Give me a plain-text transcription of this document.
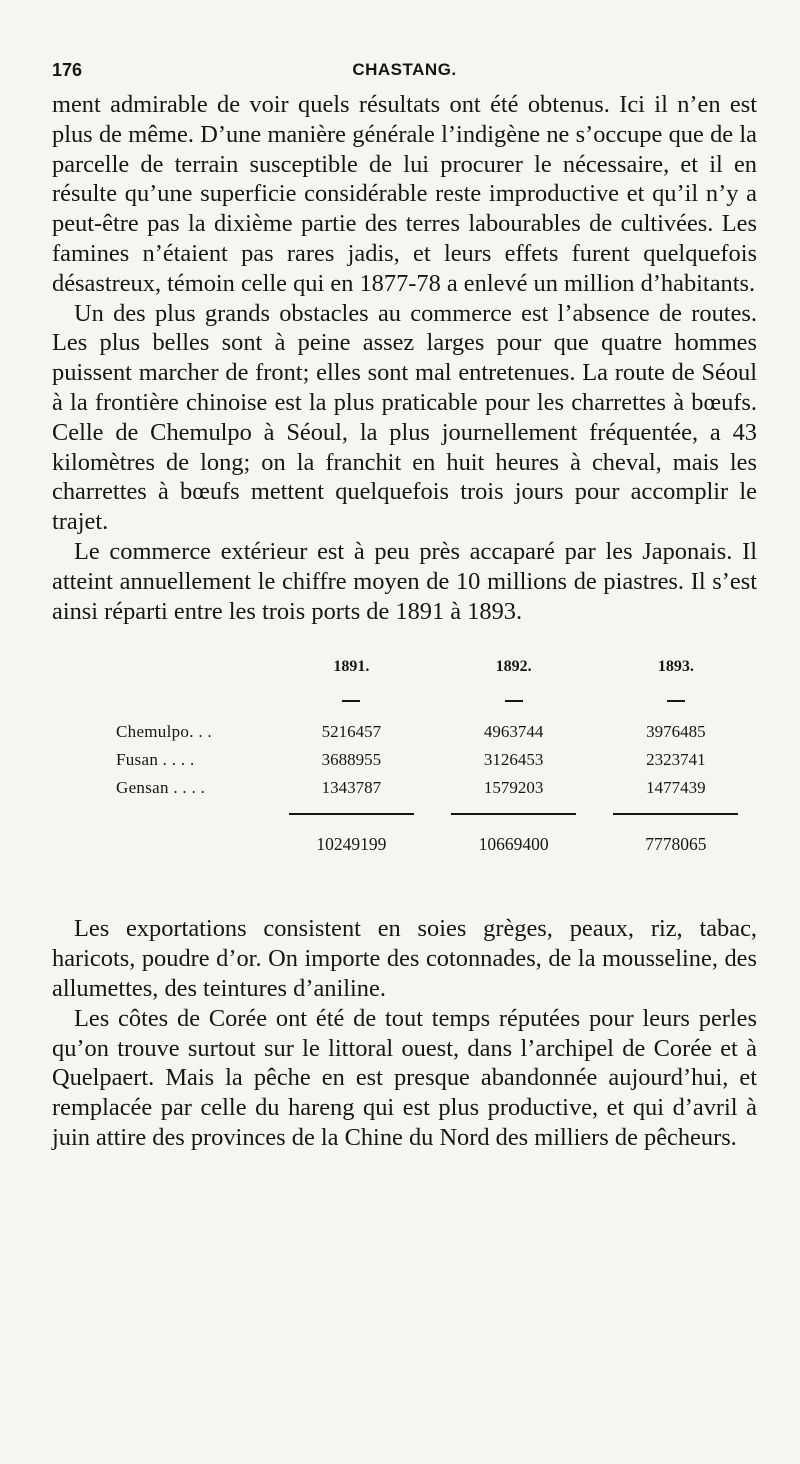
176	CHASTANG.

ment admirable de voir quels résultats ont été obtenus. Ici il n’en est plus de même. D’une manière générale l’indigène ne s’occupe que de la parcelle de terrain susceptible de lui procurer le nécessaire, et il en résulte qu’une superficie considérable reste improductive et qu’il n’y a peut-être pas la dixième partie des terres labourables de cultivées. Les famines n’étaient pas rares jadis, et leurs effets furent quelquefois désastreux, témoin celle qui en 1877-78 a enlevé un million d’habitants.

Un des plus grands obstacles au commerce est l’absence de routes. Les plus belles sont à peine assez larges pour que quatre hommes puissent marcher de front; elles sont mal entretenues. La route de Séoul à la frontière chinoise est la plus praticable pour les charrettes à bœufs. Celle de Chemulpo à Séoul, la plus journellement fréquentée, a 43 kilomètres de long; on la franchit en huit heures à cheval, mais les charrettes à bœufs mettent quelquefois trois jours pour accomplir le trajet.

Le commerce extérieur est à peu près accaparé par les Japonais. Il atteint annuellement le chiffre moyen de 10 millions de piastres. Il s’est ainsi réparti entre les trois ports de 1891 à 1893.

	1891.	1892.	1893.

Chemulpo. . .	5216457	4963744	3976485
Fusan . . . .	3688955	3126453	2323741
Gensan . . . .	1343787	1579203	1477439

	10249199	10669400	7778065

Les exportations consistent en soies grèges, peaux, riz, tabac, haricots, poudre d’or. On importe des cotonnades, de la mousseline, des allumettes, des teintures d’aniline.

Les côtes de Corée ont été de tout temps réputées pour leurs perles qu’on trouve surtout sur le littoral ouest, dans l’archipel de Corée et à Quelpaert. Mais la pêche en est presque abandonnée aujourd’hui, et remplacée par celle du hareng qui est plus productive, et qui d’avril à juin attire des provinces de la Chine du Nord des milliers de pêcheurs.
